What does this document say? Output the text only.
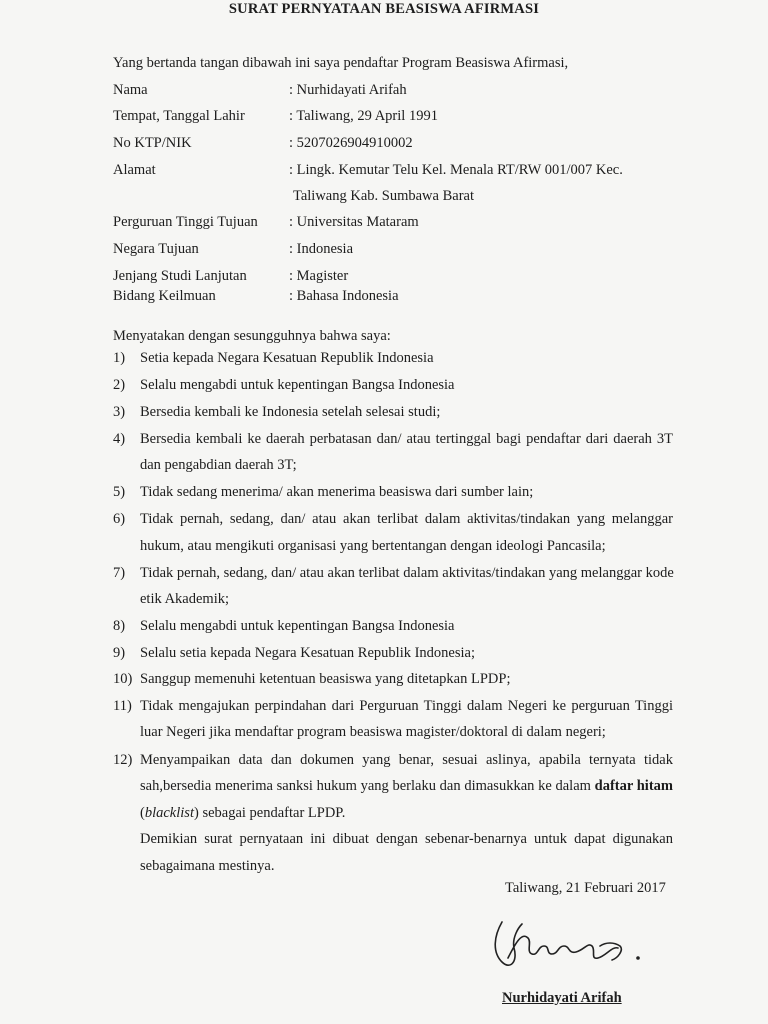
SURAT PERNYATAAN BEASISWA AFIRMASI
Yang bertanda tangan dibawah ini saya pendaftar Program Beasiswa Afirmasi,
Nama	: Nurhidayati Arifah
Tempat, Tanggal Lahir	: Taliwang, 29 April 1991
No KTP/NIK	: 5207026904910002
Alamat	: Lingk. Kemutar Telu Kel. Menala RT/RW 001/007 Kec.
Taliwang Kab. Sumbawa Barat
Perguruan Tinggi Tujuan : Universitas Mataram
Negara Tujuan	: Indonesia
Jenjang Studi Lanjutan	: Magister
Bidang Keilmuan	: Bahasa Indonesia
Menyatakan dengan sesungguhnya bahwa saya:
1) Setia kepada Negara Kesatuan Republik Indonesia
2) Selalu mengabdi untuk kepentingan Bangsa Indonesia
3) Bersedia kembali ke Indonesia setelah selesai studi;
4) Bersedia kembali ke daerah perbatasan dan/ atau tertinggal bagi pendaftar dari daerah 3T
dan pengabdian daerah 3T;
5) Tidak sedang menerima/ akan menerima beasiswa dari sumber lain;
6) Tidak pernah, sedang, dan/ atau akan terlibat dalam aktivitas/tindakan yang melanggar
hukum, atau mengikuti organisasi yang bertentangan dengan ideologi Pancasila;
7) Tidak pernah, sedang, dan/ atau akan terlibat dalam aktivitas/tindakan yang melanggar kode
etik Akademik;
8) Selalu mengabdi untuk kepentingan Bangsa Indonesia
9) Selalu setia kepada Negara Kesatuan Republik Indonesia;
10) Sanggup memenuhi ketentuan beasiswa yang ditetapkan LPDP;
11) Tidak mengajukan perpindahan dari Perguruan Tinggi dalam Negeri ke perguruan Tinggi
luar Negeri jika mendaftar program beasiswa magister/doktoral di dalam negeri;
12) Menyampaikan data dan dokumen yang benar, sesuai aslinya, apabila ternyata tidak
sah,bersedia menerima sanksi hukum yang berlaku dan dimasukkan ke dalam daftar hitam
(blacklist) sebagai pendaftar LPDP.
Demikian surat pernyataan ini dibuat dengan sebenar-benarnya untuk dapat digunakan
sebagaimana mestinya.
Taliwang, 21 Februari 2017
Nurhidayati Arifah
